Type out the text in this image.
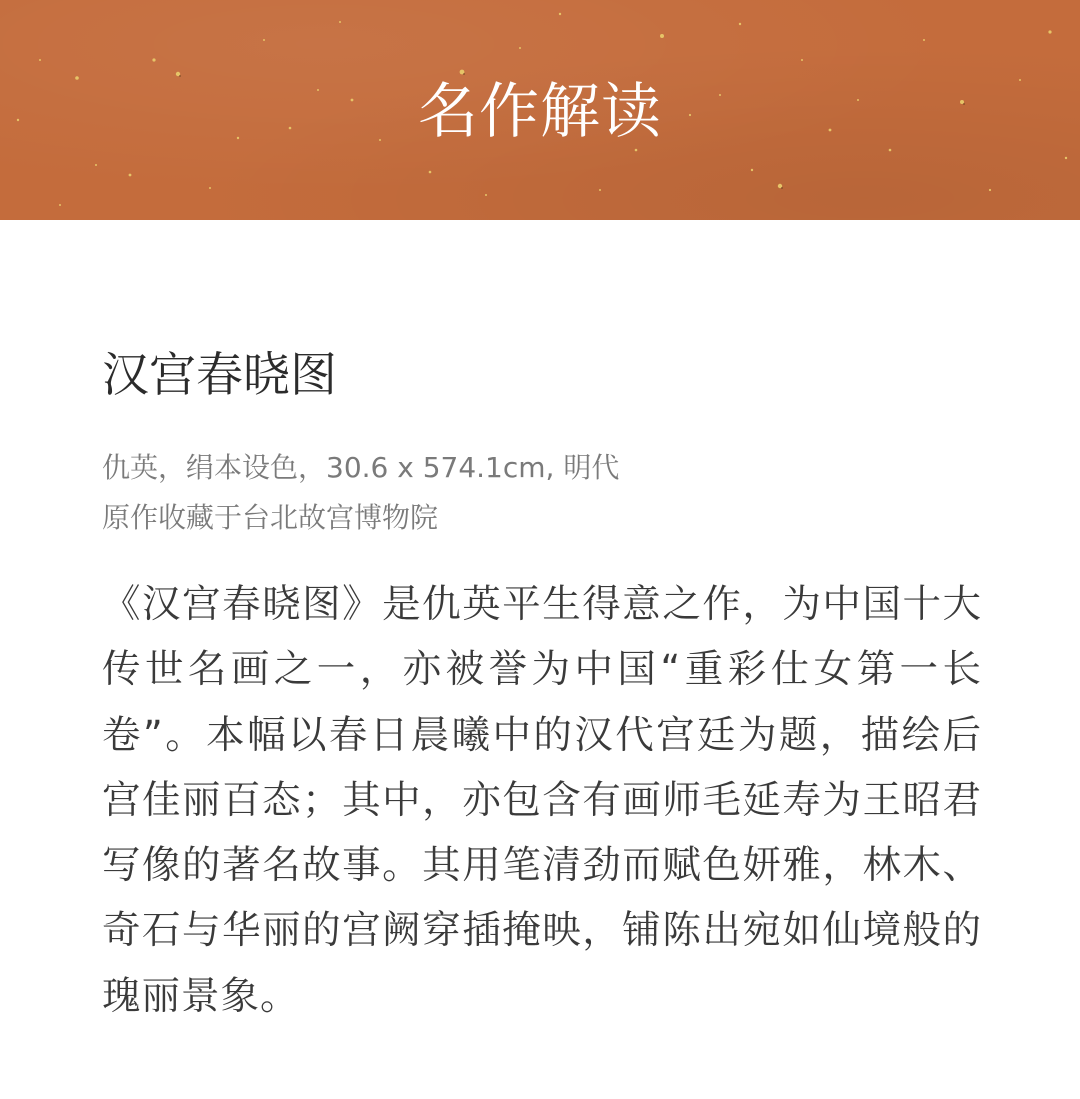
名作解读
汉宫春晓图
仇英，绢本设色，30.6 x 574.1cm, 明代
原作收藏于台北故宫博物院

《汉宫春晓图》是仇英平生得意之作，为中国十大传世名画之一，亦被誉为中国“重彩仕女第一长卷”。本幅以春日晨曦中的汉代宫廷为题，描绘后宫佳丽百态；其中，亦包含有画师毛延寿为王昭君写像的著名故事。其用笔清劲而赋色妍雅，林木、奇石与华丽的宫阙穿插掩映，铺陈出宛如仙境般的瑰丽景象。
